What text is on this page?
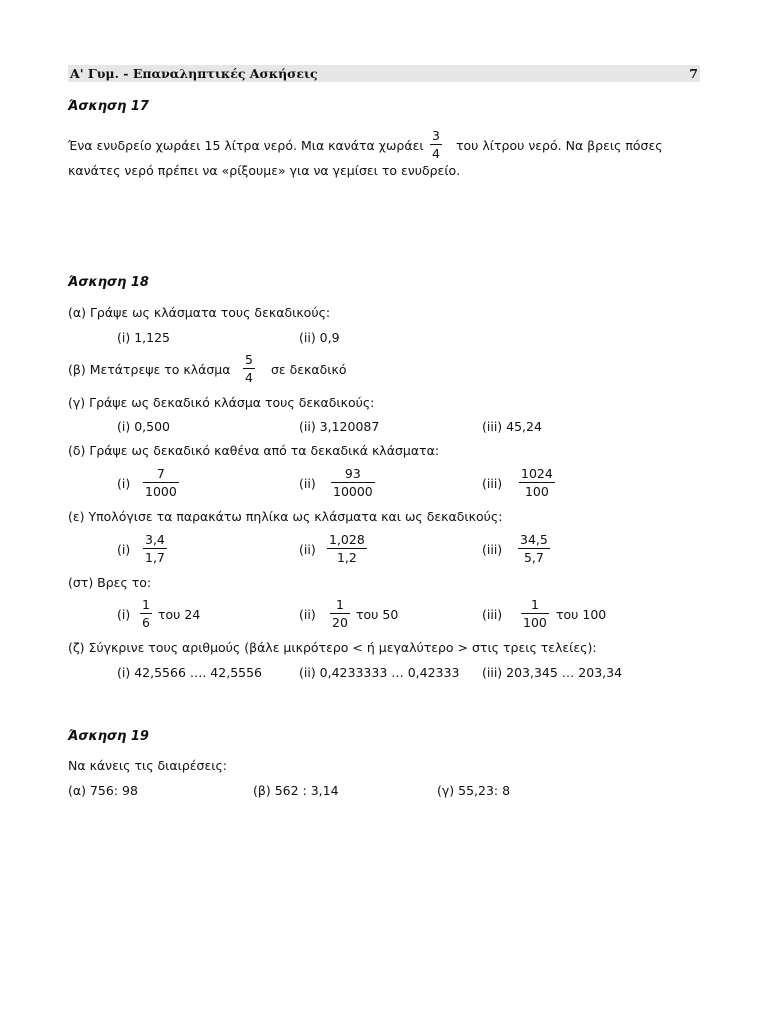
Α' Γυμ. - Επαναληπτικές Ασκήσεις	7
Άσκηση 17
Ένα ενυδρείο χωράει 15 λίτρα νερό. Μια κανάτα χωράει $\frac{3}{4}$ του λίτρου νερό. Να βρεις πόσες
κανάτες νερό πρέπει να «ρίξουμε» για να γεμίσει το ενυδρείο.
Άσκηση 18
(α) Γράψε ως κλάσματα τους δεκαδικούς:
(i) 1,125	(ii) 0,9
(β) Μετάτρεψε το κλάσμα $\frac{5}{4}$ σε δεκαδικό
(γ) Γράψε ως δεκαδικό κλάσμα τους δεκαδικούς:
(i) 0,500	(ii) 3,120087	(iii) 45,24
(δ) Γράψε ως δεκαδικό καθένα από τα δεκαδικά κλάσματα:
$(i) \frac{7}{1000}$	$(ii) \frac{93}{10000}$	$(iii) \frac{1024}{100}$
(ε) Υπολόγισε τα παρακάτω πηλίκα ως κλάσματα και ως δεκαδικούς:
$(i) \frac{3,4}{1,7}$	$(ii) \frac{1,028}{1,2}$	$(iii) \frac{34,5}{5,7}$
(στ) Βρες το:
$(i) \frac{1}{6}$ του 24	$(ii) \frac{1}{20}$ του 50	$(iii) \frac{1}{100}$ του 100
(ζ) Σύγκρινε τους αριθμούς (βάλε μικρότερο < ή μεγαλύτερο > στις τρεις τελείες):
(i) 42,5566 …. 42,5556	(ii) 0,4233333 … 0,42333 (iii) 203,345 … 203,34
Άσκηση 19
Να κάνεις τις διαιρέσεις:
(α) 756: 98	(β) 562 : 3,14	(γ) 55,23: 8
